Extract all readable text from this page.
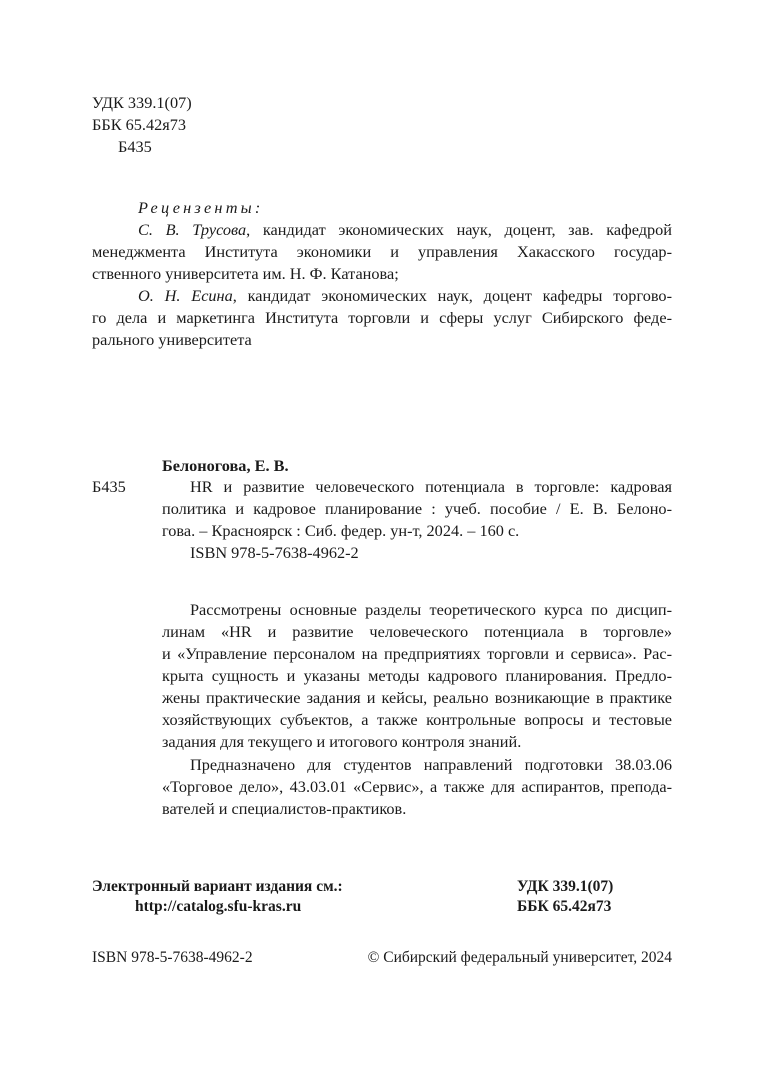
УДК 339.1(07)
ББК 65.42я73
Б435
Рецензенты:
С. В. Трусова, кандидат экономических наук, доцент, зав. кафедрой
менеджмента Института экономики и управления Хакасского государ-
ственного университета им. Н. Ф. Катанова;
О. Н. Есина, кандидат экономических наук, доцент кафедры торгово-
го дела и маркетинга Института торговли и сферы услуг Сибирского феде-
рального университета
Белоногова, Е. В.
Б435	HR и развитие человеческого потенциала в торговле: кадровая
политика и кадровое планирование : учеб. пособие / Е. В. Белоно-
гова. – Красноярск : Сиб. федер. ун-т, 2024. – 160 с.
ISBN 978-5-7638-4962-2
Рассмотрены основные разделы теоретического курса по дисцип-
линам «HR и развитие человеческого потенциала в торговле»
и «Управление персоналом на предприятиях торговли и сервиса». Рас-
крыта сущность и указаны методы кадрового планирования. Предло-
жены практические задания и кейсы, реально возникающие в практике
хозяйствующих субъектов, а также контрольные вопросы и тестовые
задания для текущего и итогового контроля знаний.
Предназначено для студентов направлений подготовки 38.03.06
«Торговое дело», 43.03.01 «Сервис», а также для аспирантов, препода-
вателей и специалистов-практиков.
Электронный вариант издания см.:
http://catalog.sfu-kras.ru
УДК 339.1(07)
ББК 65.42я73
ISBN 978-5-7638-4962-2	© Сибирский федеральный университет, 2024
